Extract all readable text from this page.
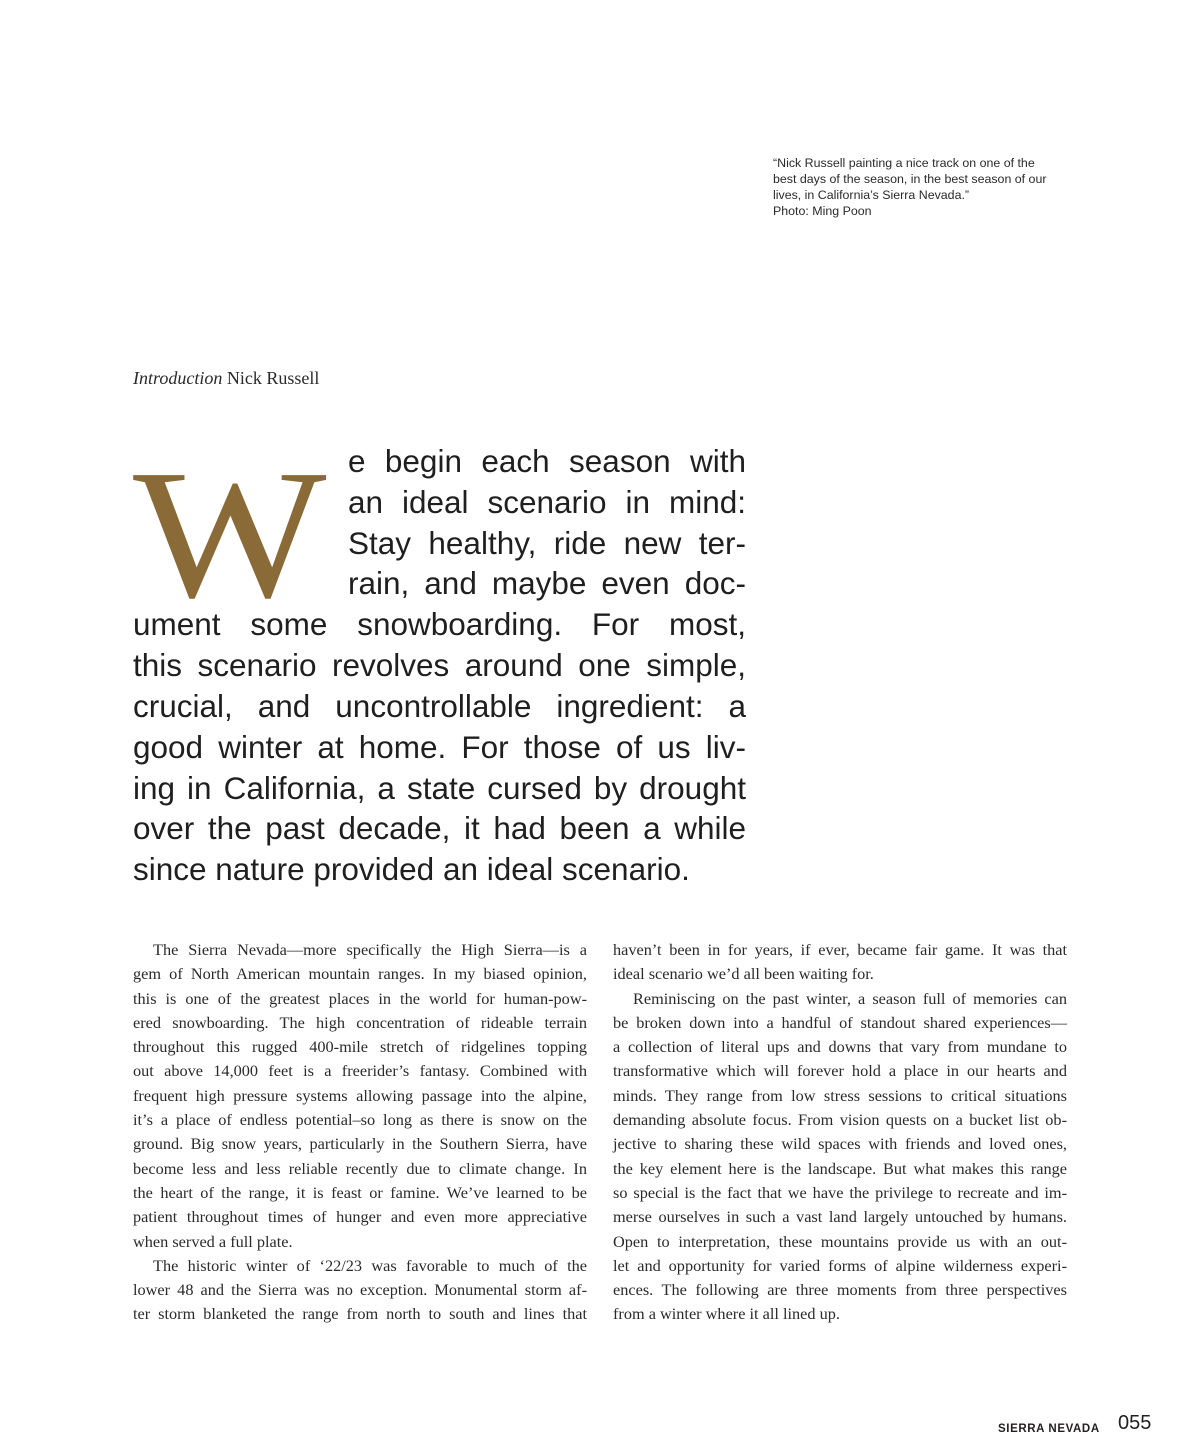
“Nick Russell painting a nice track on one of the
best days of the season, in the best season of our
lives, in California’s Sierra Nevada.”
Photo: Ming Poon
Introduction Nick Russell
W e begin each season with
an ideal scenario in mind:
Stay healthy, ride new ter-
rain, and maybe even doc-
ument some snowboarding. For most,
this scenario revolves around one simple,
crucial, and uncontrollable ingredient: a
good winter at home. For those of us liv-
ing in California, a state cursed by drought
over the past decade, it had been a while
since nature provided an ideal scenario.
The Sierra Nevada—more specifically the High Sierra—is a
gem of North American mountain ranges. In my biased opinion,
this is one of the greatest places in the world for human-pow-
ered snowboarding. The high concentration of rideable terrain
throughout this rugged 400-mile stretch of ridgelines topping
out above 14,000 feet is a freerider’s fantasy. Combined with
frequent high pressure systems allowing passage into the alpine,
it’s a place of endless potential–so long as there is snow on the
ground. Big snow years, particularly in the Southern Sierra, have
become less and less reliable recently due to climate change. In
the heart of the range, it is feast or famine. We’ve learned to be
patient throughout times of hunger and even more appreciative
when served a full plate.
The historic winter of ‘22/23 was favorable to much of the
lower 48 and the Sierra was no exception. Monumental storm af-
ter storm blanketed the range from north to south and lines that
haven’t been in for years, if ever, became fair game. It was that
ideal scenario we’d all been waiting for.
Reminiscing on the past winter, a season full of memories can
be broken down into a handful of standout shared experiences—
a collection of literal ups and downs that vary from mundane to
transformative which will forever hold a place in our hearts and
minds. They range from low stress sessions to critical situations
demanding absolute focus. From vision quests on a bucket list ob-
jective to sharing these wild spaces with friends and loved ones,
the key element here is the landscape. But what makes this range
so special is the fact that we have the privilege to recreate and im-
merse ourselves in such a vast land largely untouched by humans.
Open to interpretation, these mountains provide us with an out-
let and opportunity for varied forms of alpine wilderness experi-
ences. The following are three moments from three perspectives
from a winter where it all lined up.
SIERRA NEVADA 055
